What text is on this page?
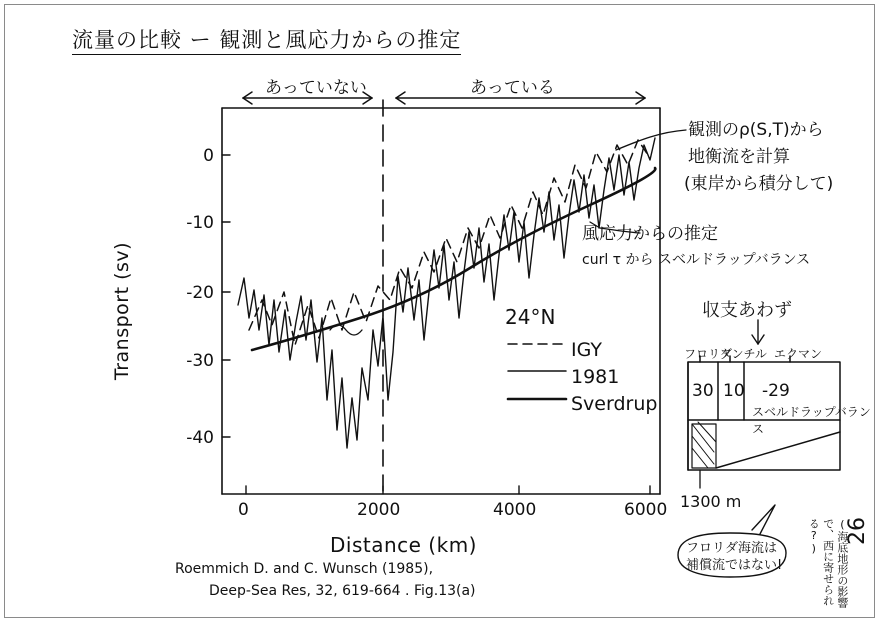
流量の比較 ー 観測と風応力からの推定
Transport (sv)
Distance (km)
0	2000	4000	6000
0
-10
-20
-30
-40
あっていない	あっている
24°N
IGY
1981
Sverdrup
観測のρ(S,T)から
地衡流を計算
(東岸から積分して)
風応力からの推定
curl τ から スベルドラップバランス
収支あわず
フロリダ
アンチル エクマン
30 10 -29
スベルドラップバランス
1300 m
フロリダ海流は
補償流ではない!	(海底地形の影響で、西に寄せられる?)
Roemmich D. and C. Wunsch (1985),
Deep-Sea Res, 32, 619-664 . Fig.13(a)
26
